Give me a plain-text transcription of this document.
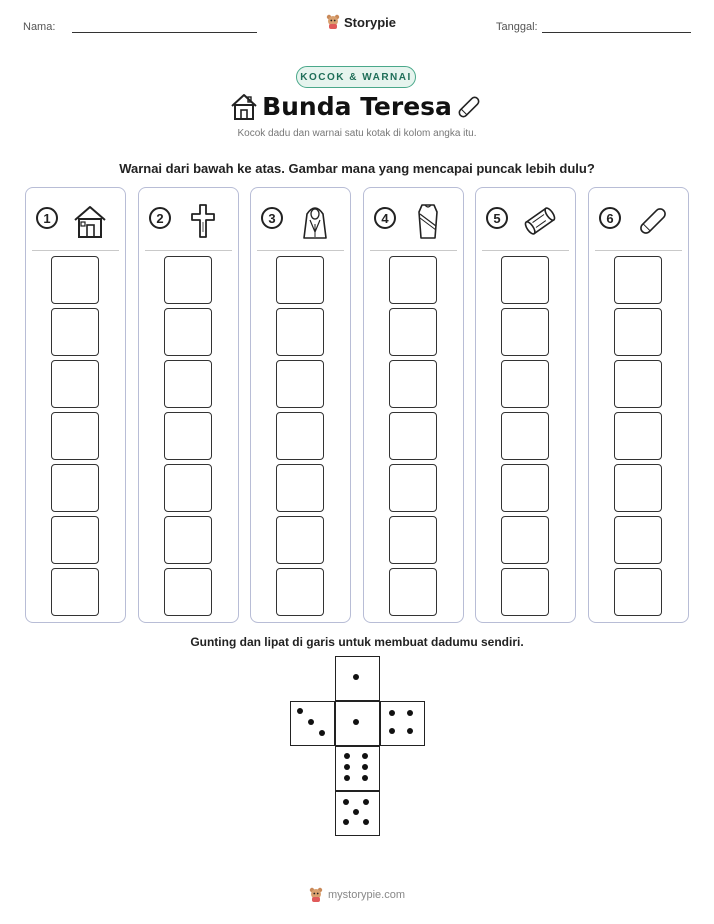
Nama:	Storypie	Tanggal:
KOCOK & WARNAI
Bunda Teresa
Kocok dadu dan warnai satu kotak di kolom angka itu.
Warnai dari bawah ke atas. Gambar mana yang mencapai puncak lebih dulu?
1	2	3	4	5	6
Gunting dan lipat di garis untuk membuat dadumu sendiri.
mystorypie.com
